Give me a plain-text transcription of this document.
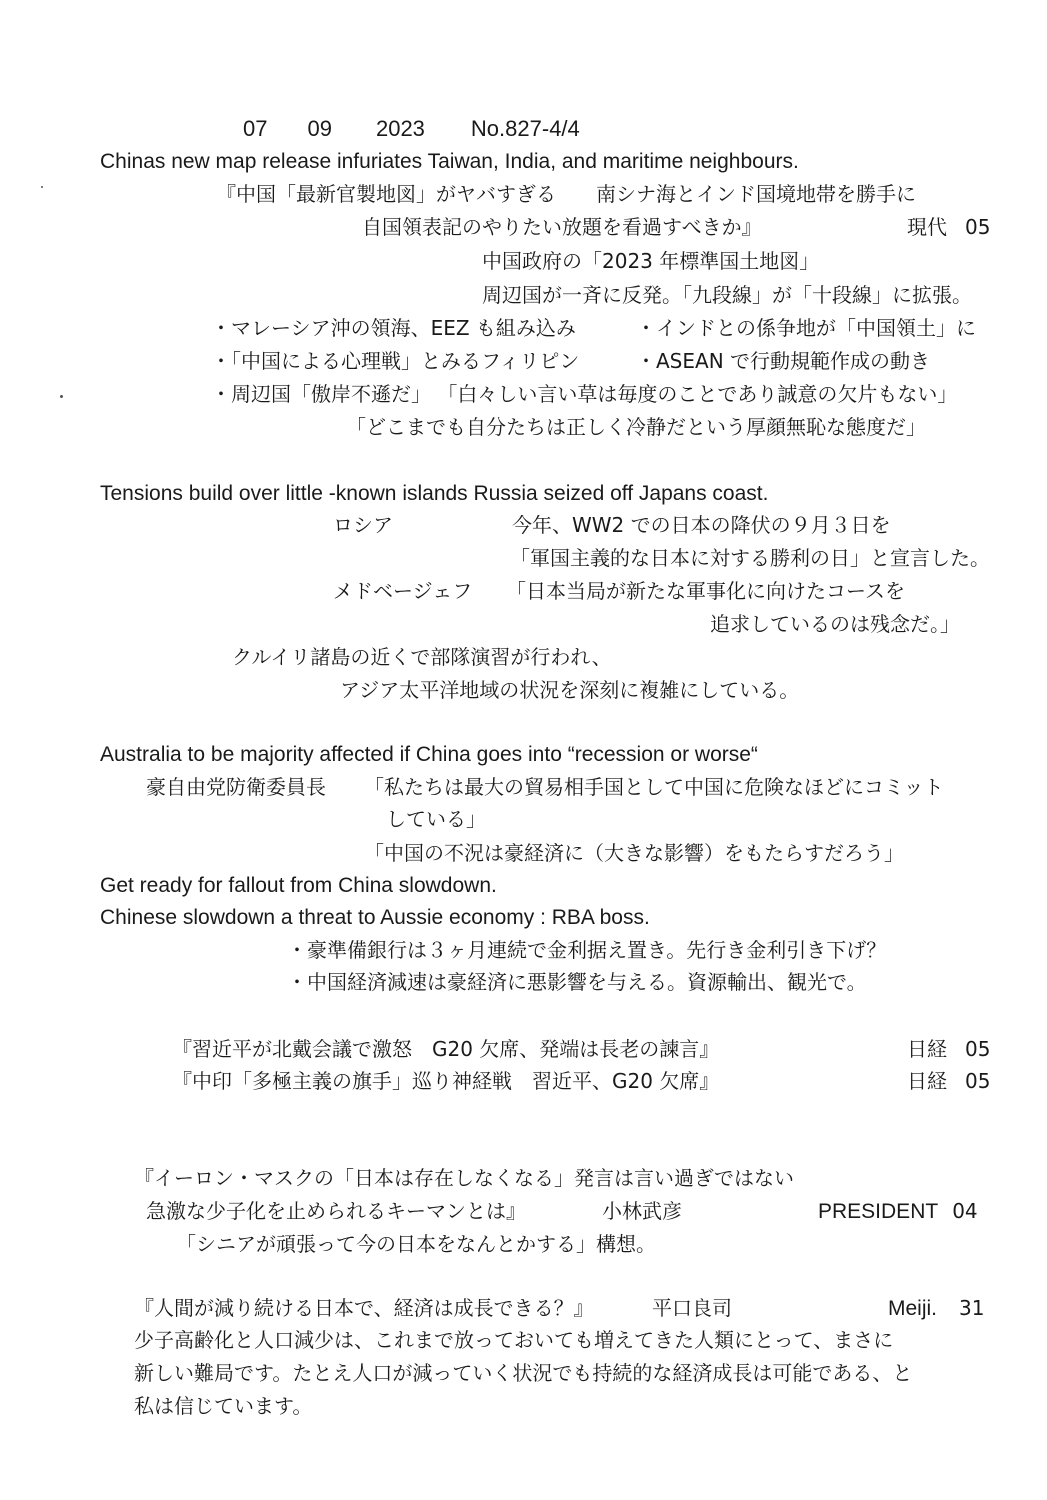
07 09 2023 No.827-4/4
Chinas new map release infuriates Taiwan, India, and maritime neighbours.
『中国「最新官製地図」がヤバすぎる　　南シナ海とインド国境地帯を勝手に
自国領表記のやりたい放題を看過すべきか』	現代 05
中国政府の「2023 年標準国土地図」
周辺国が一斉に反発。「九段線」が「十段線」に拡張。
・マレーシア沖の領海、EEZ も組み込み	・インドとの係争地が「中国領土」に
・「中国による心理戦」とみるフィリピン	・ASEAN で行動規範作成の動き
・周辺国「傲岸不遜だ」 「白々しい言い草は毎度のことであり誠意の欠片もない」
「どこまでも自分たちは正しく冷静だという厚顔無恥な態度だ」
Tensions build over little -known islands Russia seized off Japans coast.
ロシア	今年、WW2 での日本の降伏の９月３日を
「軍国主義的な日本に対する勝利の日」と宣言した。
メドベージェフ 「日本当局が新たな軍事化に向けたコースを
追求しているのは残念だ。」
クルイリ諸島の近くで部隊演習が行われ、
アジア太平洋地域の状況を深刻に複雑にしている。
Australia to be majority affected if China goes into “recession or worse“
豪自由党防衛委員長 「私たちは最大の貿易相手国として中国に危険なほどにコミット
している」
「中国の不況は豪経済に（大きな影響）をもたらすだろう」
Get ready for fallout from China slowdown.
Chinese slowdown a threat to Aussie economy : RBA boss.
・豪準備銀行は３ヶ月連続で金利据え置き。先行き金利引き下げ？
・中国経済減速は豪経済に悪影響を与える。資源輸出、観光で。
『習近平が北戴会議で激怒　G20 欠席、発端は長老の諫言』	日経 05
『中印「多極主義の旗手」巡り神経戦　習近平、G20 欠席』	日経 05
『イーロン・マスクの「日本は存在しなくなる」発言は言い過ぎではない
急激な少子化を止められるキーマンとは』	小林武彦	PRESIDENT 04
「シニアが頑張って今の日本をなんとかする」構想。
『人間が減り続ける日本で、経済は成長できる？』	平口良司	Meiji. 31
少子高齢化と人口減少は、これまで放っておいても増えてきた人類にとって、まさに
新しい難局です。たとえ人口が減っていく状況でも持続的な経済成長は可能である、と
私は信じています。
